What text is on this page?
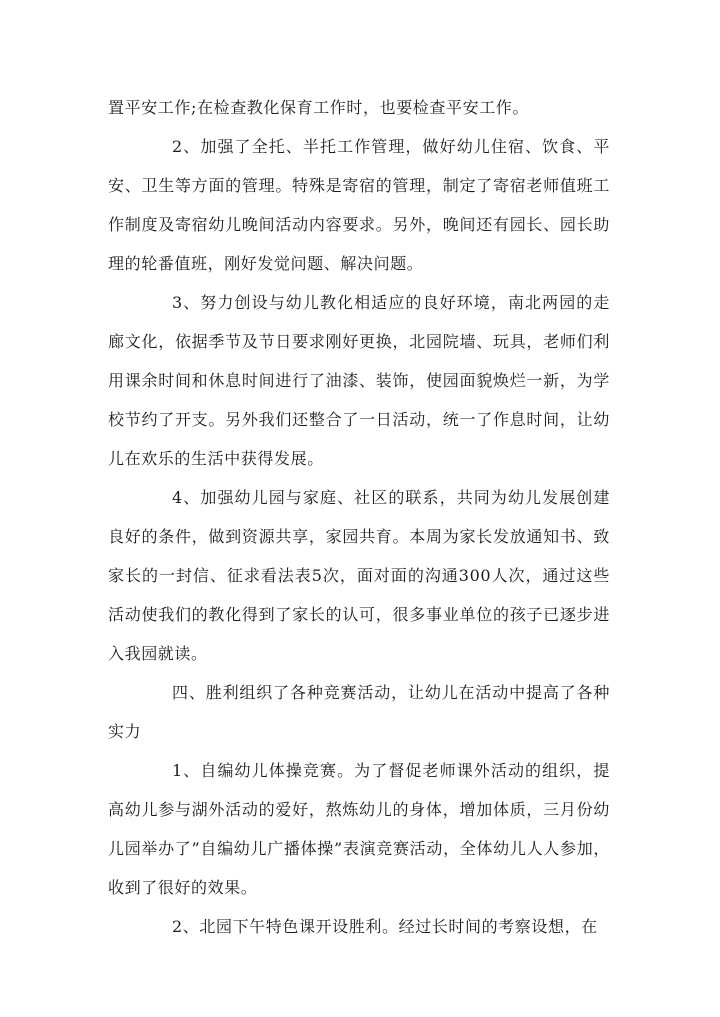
置平安工作;在检查教化保育工作时，也要检查平安工作。

2、加强了全托、半托工作管理，做好幼儿住宿、饮食、平安、卫生等方面的管理。特殊是寄宿的管理，制定了寄宿老师值班工作制度及寄宿幼儿晚间活动内容要求。另外，晚间还有园长、园长助理的轮番值班，刚好发觉问题、解决问题。

3、努力创设与幼儿教化相适应的良好环境，南北两园的走廊文化，依据季节及节日要求刚好更换，北园院墙、玩具，老师们利用课余时间和休息时间进行了油漆、装饰，使园面貌焕烂一新，为学校节约了开支。另外我们还整合了一日活动，统一了作息时间，让幼儿在欢乐的生活中获得发展。

4、加强幼儿园与家庭、社区的联系，共同为幼儿发展创建良好的条件，做到资源共享，家园共育。本周为家长发放通知书、致家长的一封信、征求看法表5次，面对面的沟通300人次，通过这些活动使我们的教化得到了家长的认可，很多事业单位的孩子已逐步进入我园就读。

四、胜利组织了各种竞赛活动，让幼儿在活动中提高了各种实力

1、自编幼儿体操竞赛。为了督促老师课外活动的组织，提高幼儿参与湖外活动的爱好，熬炼幼儿的身体，增加体质，三月份幼儿园举办了”自编幼儿广播体操”表演竞赛活动，全体幼儿人人参加，收到了很好的效果。

2、北园下午特色课开设胜利。经过长时间的考察设想，在
